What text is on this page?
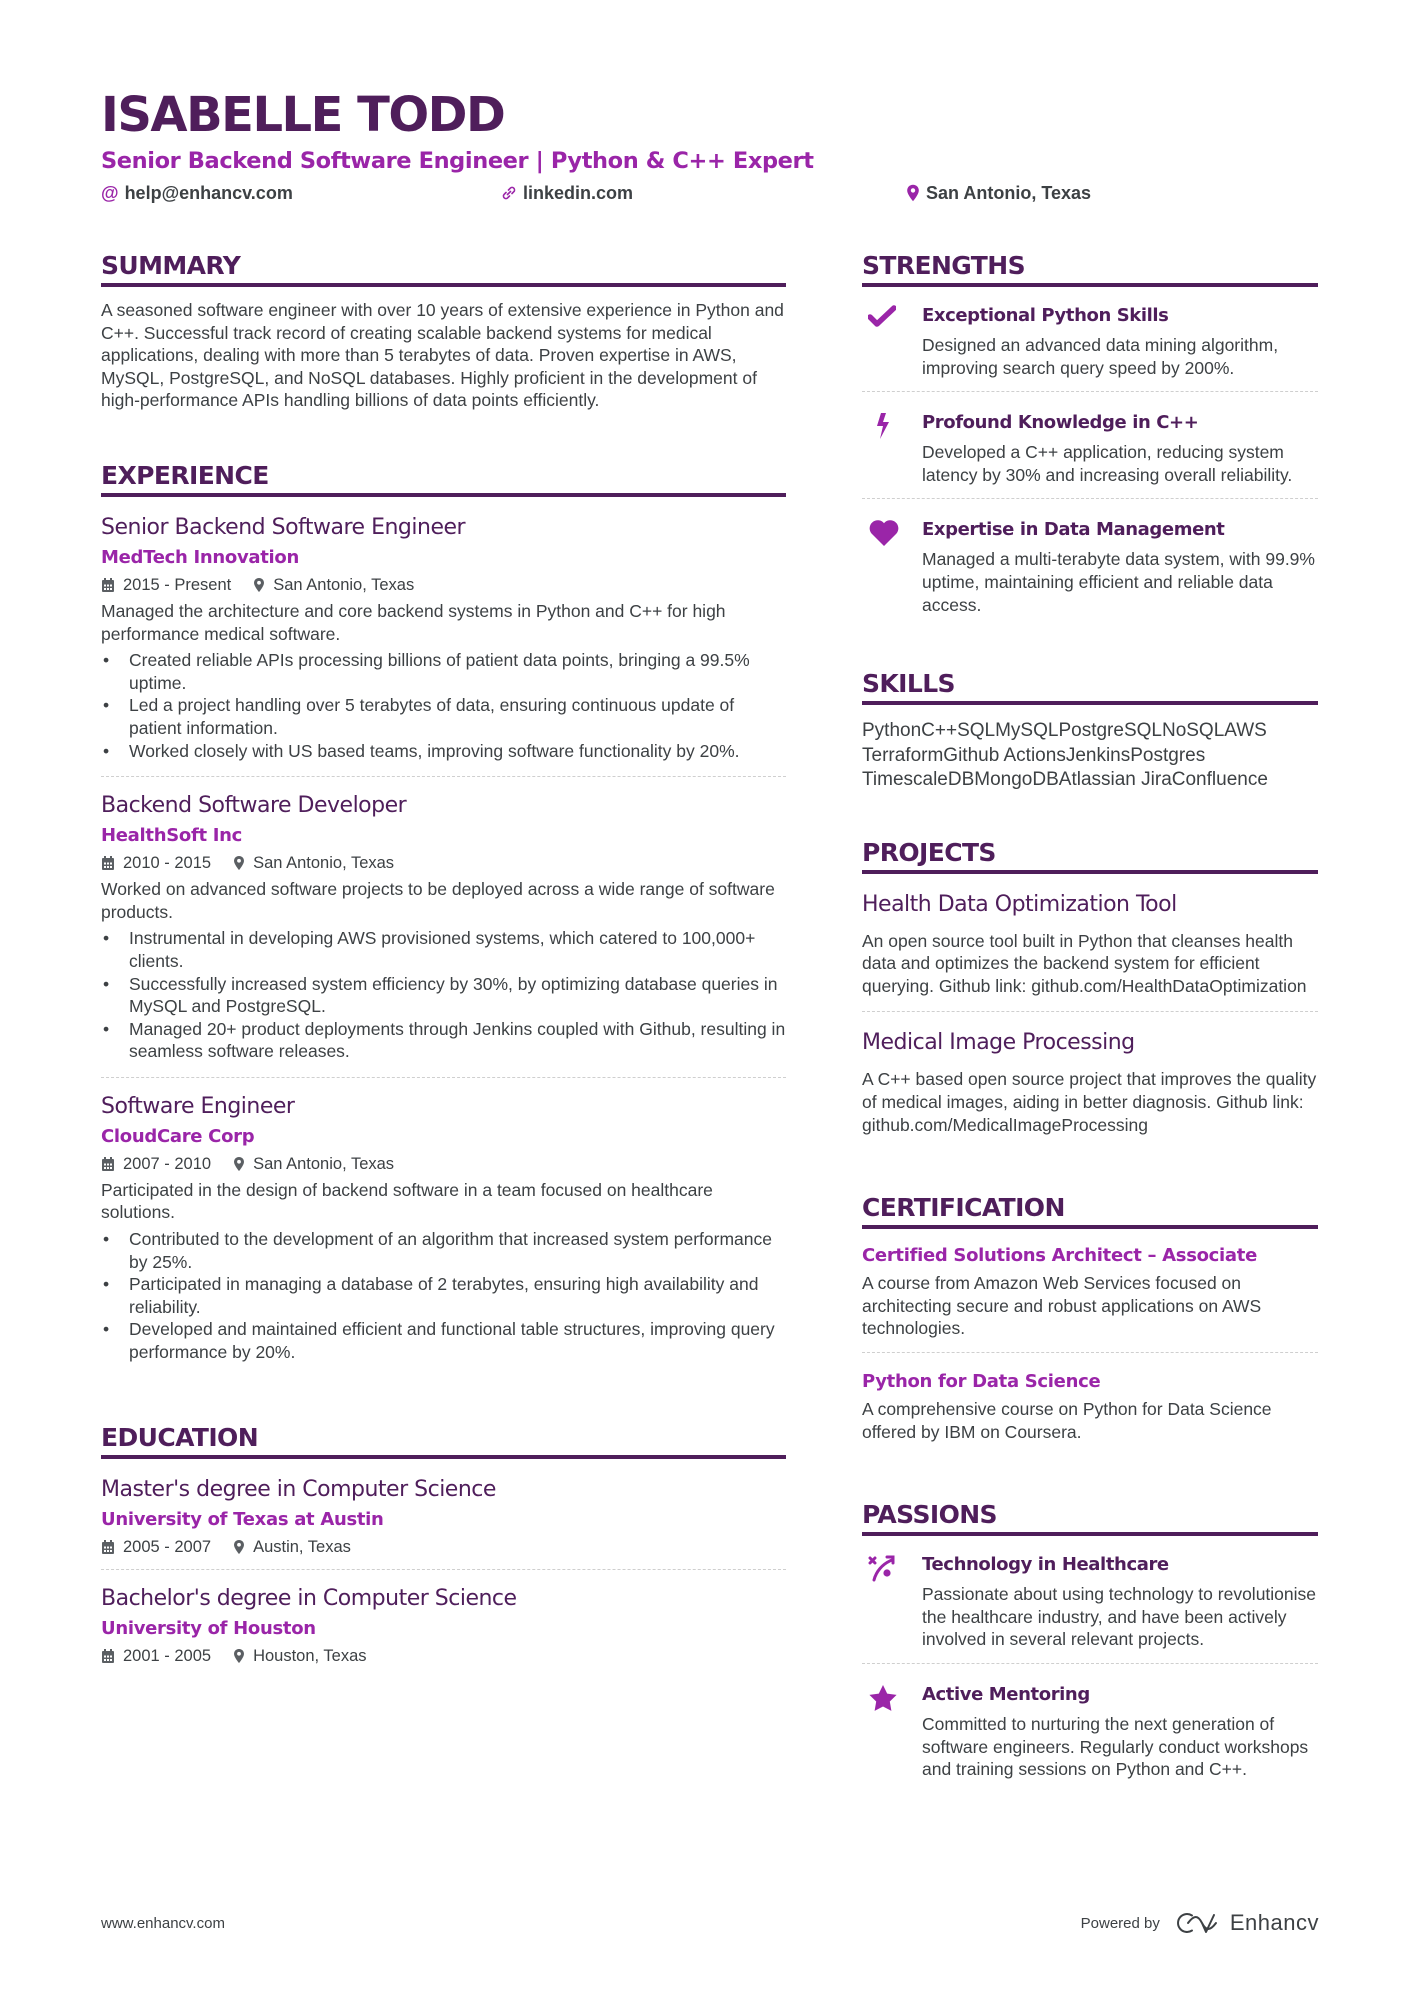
ISABELLE TODD
Senior Backend Software Engineer | Python & C++ Expert
@ help@enhancv.com	linkedin.com	San Antonio, Texas
SUMMARY
A seasoned software engineer with over 10 years of extensive experience in Python and C++. Successful track record of creating scalable backend systems for medical applications, dealing with more than 5 terabytes of data. Proven expertise in AWS, MySQL, PostgreSQL, and NoSQL databases. Highly proficient in the development of high-performance APIs handling billions of data points efficiently.
EXPERIENCE
Senior Backend Software Engineer
MedTech Innovation
2015 - Present	San Antonio, Texas
Managed the architecture and core backend systems in Python and C++ for high performance medical software.
• Created reliable APIs processing billions of patient data points, bringing a 99.5% uptime.
• Led a project handling over 5 terabytes of data, ensuring continuous update of patient information.
• Worked closely with US based teams, improving software functionality by 20%.
Backend Software Developer
HealthSoft Inc
2010 - 2015	San Antonio, Texas
Worked on advanced software projects to be deployed across a wide range of software products.
• Instrumental in developing AWS provisioned systems, which catered to 100,000+ clients.
• Successfully increased system efficiency by 30%, by optimizing database queries in MySQL and PostgreSQL.
• Managed 20+ product deployments through Jenkins coupled with Github, resulting in seamless software releases.
Software Engineer
CloudCare Corp
2007 - 2010	San Antonio, Texas
Participated in the design of backend software in a team focused on healthcare solutions.
• Contributed to the development of an algorithm that increased system performance by 25%.
• Participated in managing a database of 2 terabytes, ensuring high availability and reliability.
• Developed and maintained efficient and functional table structures, improving query performance by 20%.
EDUCATION
Master's degree in Computer Science
University of Texas at Austin
2005 - 2007	Austin, Texas
Bachelor's degree in Computer Science
University of Houston
2001 - 2005	Houston, Texas
STRENGTHS
Exceptional Python Skills
Designed an advanced data mining algorithm, improving search query speed by 200%.
Profound Knowledge in C++
Developed a C++ application, reducing system latency by 30% and increasing overall reliability.
Expertise in Data Management
Managed a multi-terabyte data system, with 99.9% uptime, maintaining efficient and reliable data access.
SKILLS
PythonC++SQLMySQLPostgreSQLNoSQLAWS
TerraformGithub ActionsJenkinsPostgres
TimescaleDBMongoDBAtlassian JiraConfluence
PROJECTS
Health Data Optimization Tool
An open source tool built in Python that cleanses health data and optimizes the backend system for efficient querying. Github link: github.com/HealthDataOptimization
Medical Image Processing
A C++ based open source project that improves the quality of medical images, aiding in better diagnosis. Github link: github.com/MedicalImageProcessing
CERTIFICATION
Certified Solutions Architect – Associate
A course from Amazon Web Services focused on architecting secure and robust applications on AWS technologies.
Python for Data Science
A comprehensive course on Python for Data Science offered by IBM on Coursera.
PASSIONS
Technology in Healthcare
Passionate about using technology to revolutionise the healthcare industry, and have been actively involved in several relevant projects.
Active Mentoring
Committed to nurturing the next generation of software engineers. Regularly conduct workshops and training sessions on Python and C++.
www.enhancv.com	Powered by	Enhancv
